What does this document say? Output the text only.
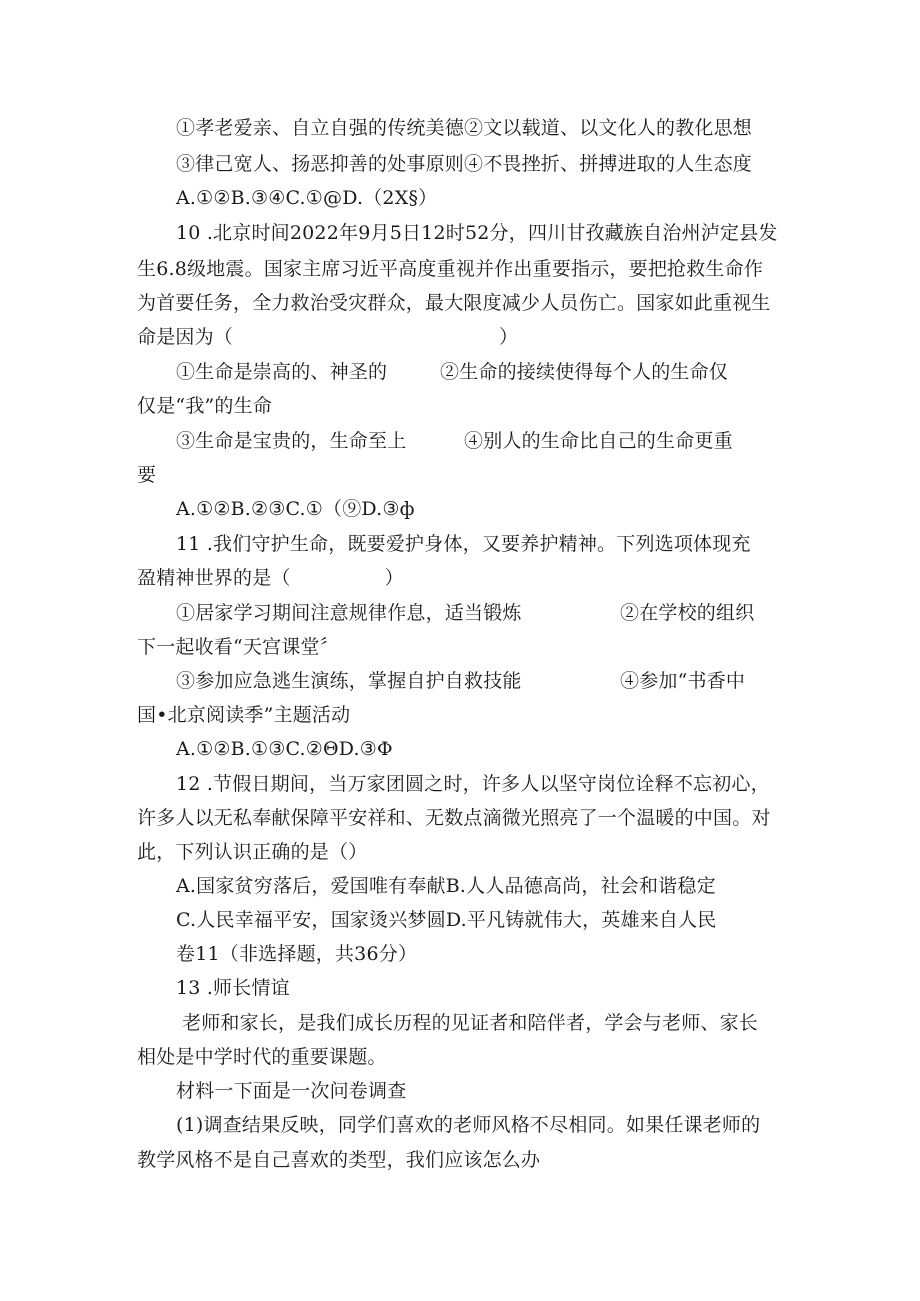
①孝老爱亲、自立自强的传统美德②文以载道、以文化人的教化思想
③律己宽人、扬恶抑善的处事原则④不畏挫折、拼搏进取的人生态度
A.①②B.③④C.①@D.（2X§）
10 .北京时间2022年9月5日12时52分，四川甘孜藏族自治州泸定县发
生6.8级地震。国家主席习近平高度重视并作出重要指示，要把抢救生命作
为首要任务，全力救治受灾群众，最大限度减少人员伤亡。国家如此重视生
命是因为（	）
①生命是崇高的、神圣的	②生命的接续使得每个人的生命仅
仅是“我”的生命
③生命是宝贵的，生命至上	④别人的生命比自己的生命更重
要
A.①②B.②③C.①（⑨D.③ф
11 .我们守护生命，既要爱护身体，又要养护精神。下列选项体现充
盈精神世界的是（	）
①居家学习期间注意规律作息，适当锻炼	②在学校的组织
下一起收看“天宫课堂〞
③参加应急逃生演练，掌握自护自救技能	④参加“书香中
国•北京阅读季”主题活动
A.①②B.①③C.②ΘD.③Φ
12 .节假日期间，当万家团圆之时，许多人以坚守岗位诠释不忘初心，
许多人以无私奉献保障平安祥和、无数点滴微光照亮了一个温暖的中国。对
此，下列认识正确的是（）
A.国家贫穷落后，爱国唯有奉献B.人人品德高尚，社会和谐稳定
C.人民幸福平安，国家烫兴梦圆D.平凡铸就伟大，英雄来自人民
卷11（非选择题，共36分）
13 .师长情谊
老师和家长，是我们成长历程的见证者和陪伴者，学会与老师、家长
相处是中学时代的重要课题。
材料一下面是一次问卷调查
(1)调查结果反映，同学们喜欢的老师风格不尽相同。如果任课老师的
教学风格不是自己喜欢的类型，我们应该怎么办
